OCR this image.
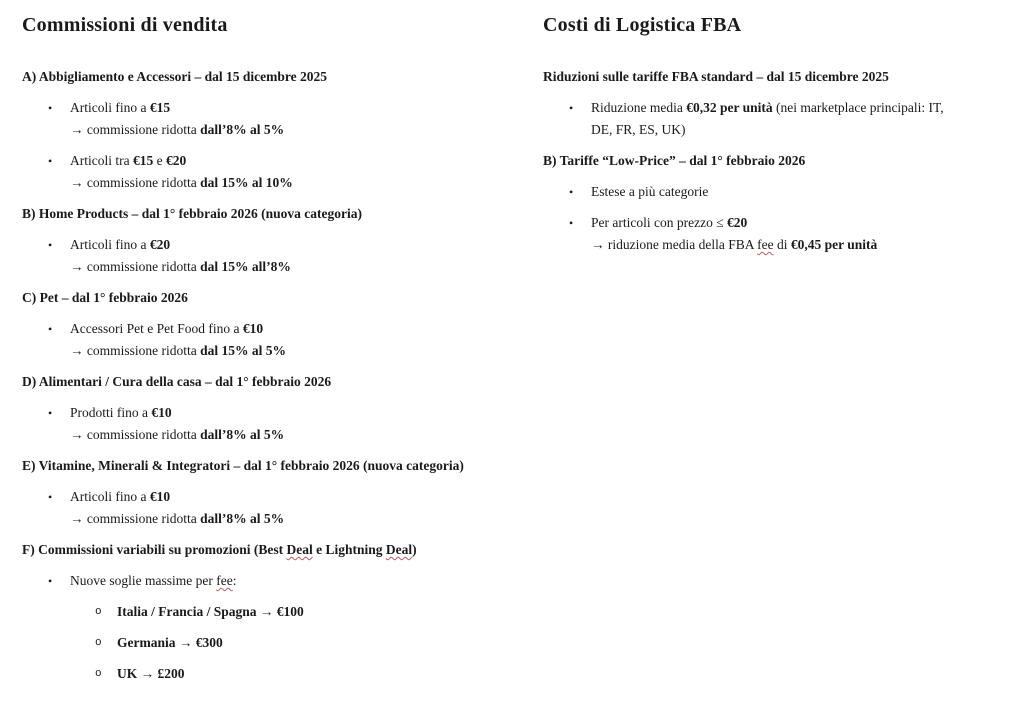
Commissioni di vendita
A) Abbigliamento e Accessori – dal 15 dicembre 2025
•	Articoli fino a €15
→ commissione ridotta dall’8% al 5%
•	Articoli tra €15 e €20
→ commissione ridotta dal 15% al 10%
B) Home Products – dal 1° febbraio 2026 (nuova categoria)
•	Articoli fino a €20
→ commissione ridotta dal 15% all’8%
C) Pet – dal 1° febbraio 2026
•	Accessori Pet e Pet Food fino a €10
→ commissione ridotta dal 15% al 5%
D) Alimentari / Cura della casa – dal 1° febbraio 2026
•	Prodotti fino a €10
→ commissione ridotta dall’8% al 5%
E) Vitamine, Minerali & Integratori – dal 1° febbraio 2026 (nuova categoria)
•	Articoli fino a €10
→ commissione ridotta dall’8% al 5%
F) Commissioni variabili su promozioni (Best Deal e Lightning Deal)
•	Nuove soglie massime per fee:
o	Italia / Francia / Spagna → €100
o	Germania → €300
o	UK → £200
Costi di Logistica FBA
Riduzioni sulle tariffe FBA standard – dal 15 dicembre 2025
•	Riduzione media €0,32 per unità (nei marketplace principali: IT,
DE, FR, ES, UK)
B) Tariffe “Low-Price” – dal 1° febbraio 2026
•	Estese a più categorie
•	Per articoli con prezzo ≤ €20
→ riduzione media della FBA fee di €0,45 per unità
